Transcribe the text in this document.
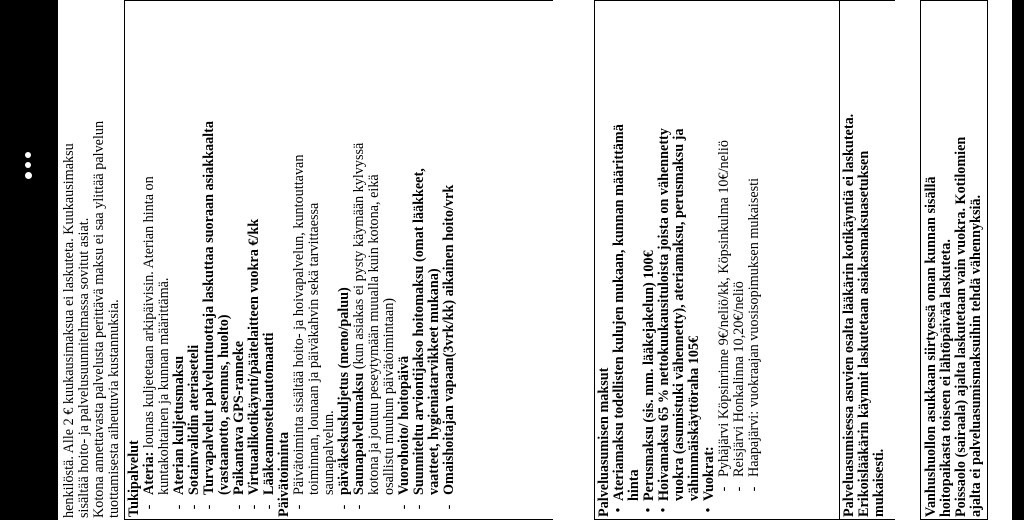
henkilöstä. Alle 2 € kuukausimaksua ei laskuteta. Kuukausimaksu sisältää hoito- ja palvelusuunnitelmassa sovitut asiat. Kotona annettavasta palvelusta perittävä maksu ei saa ylittää palvelun tuottamisesta aiheutuvia kustannuksia. Tukipalvelut -
Ateria: lounas kuljetetaan arkipäivisin. Aterian hinta on kuntakohtainen ja kunnan määrittämä.
-
Aterian kuljetusmaksu
-
Sotainvalidin ateriaseteli
-
Turvapalvelut palveluntuottaja laskuttaa suoraan asiakkaalta (vastaanotto, asennus, huolto)
-
Paikantava GPS-ranneke
-
Virtuaalikotikäynti/päätelaitteen vuokra €/kk
-
Lääkeannosteluautomaatti Päivätoiminta -
Päivätoiminta sisältää hoito- ja hoivapalvelun, kuntouttavan toiminnan, lounaan ja päiväkahvin sekä tarvittaessa saunapalvelun.
-
päiväkeskuskuljetus (meno/paluu)
-
Saunapalvelumaksu (kun asiakas ei pysty käymään kylvyssä kotona ja joutuu peseytymään muualla kuin kotona, eikä osallistu muuhun päivätoimintaan)
-
Vuorohoito/ hoitopäivä
-
Suunniteltu arviontijakso hoitomaksu (omat lääkkeet, vaatteet, hygieniatarvikkeet mukana)
-
Omaishoitajan vapaan(3vrk/kk) aikainen hoito/vrk	Palveluasumisen maksut •
Ateriamaksu todellisten kulujen mukaan, kunnan määrittämä hinta
•
Perusmaksu (sis. mm. lääkejakelun) 100€
•
Hoivamaksu 65 % nettokuukausituloista joista on vähennetty vuokra (asumistuki vähennetty), ateriamaksu, perusmaksu ja vähimmäiskäyttöraha 105€
•
Vuokrat: -
Pyhäjärvi Köpsinrinne 9€/neliö/kk, Köpsinkulma 10€/neliö
-
Reisjärvi Honkalinna 10,20€/neliö
-
Haapajärvi: vuokraajan vuosisopimuksen mukaisesti	Palveluasumisessa asuvien osalta lääkärin kotikäyntiä ei laskuteta. Erikoislääkärin käynnit laskutetaan asiakasmaksuasetuksen mukaisesti.	Vanhushuollon asukkaan siirtyessä oman kunnan sisällä hoitopaikasta toiseen ei lähtöpäivää laskuteta. Poissaolo (sairaala) ajalta laskutetaan vain vuokra. Kotilomien ajalta ei palveluasumismaksuihin tehdä vähennyksiä.
